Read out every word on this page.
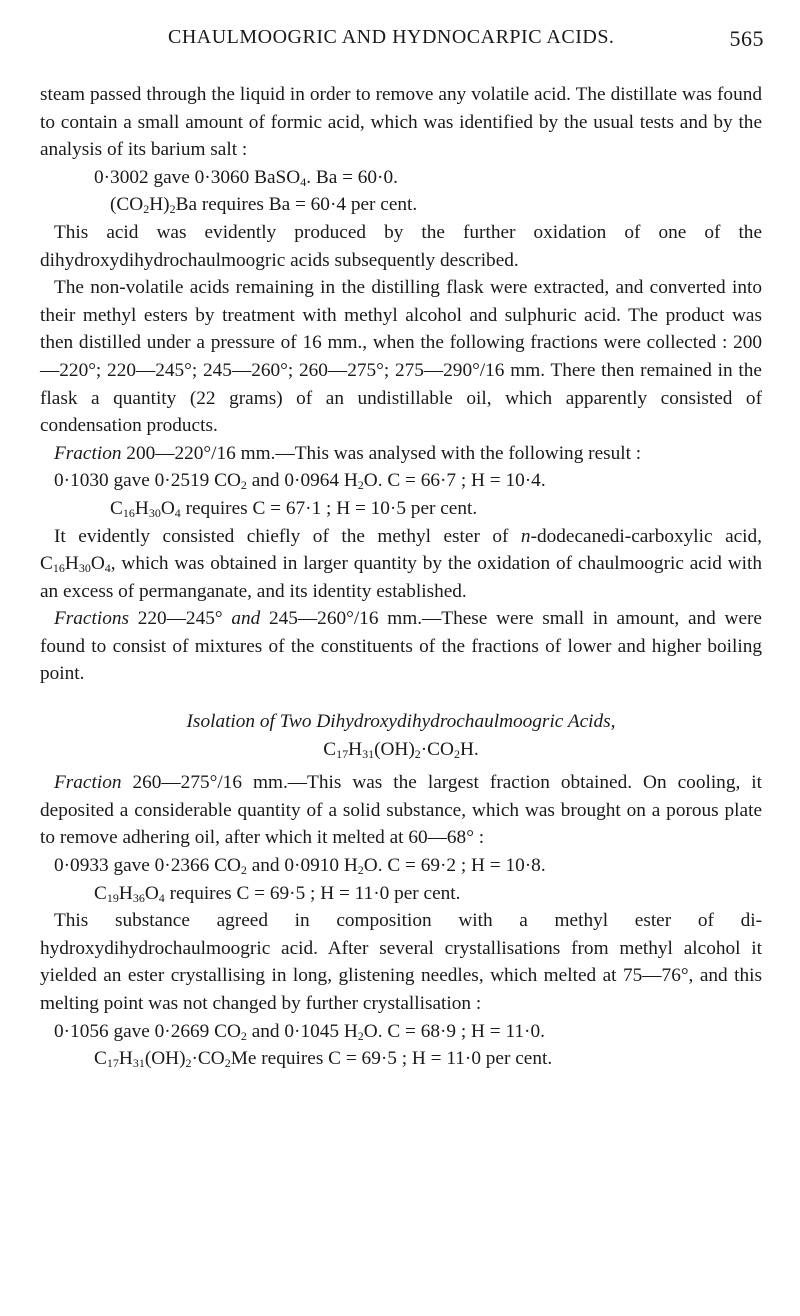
CHAULMOOGRIC AND HYDNOCARPIC ACIDS.	565

steam passed through the liquid in order to remove any volatile acid. The distillate was found to contain a small amount of formic acid, which was identified by the usual tests and by the analysis of its barium salt :

0·3002 gave 0·3060 BaSO$_4$. Ba = 60·0.

$(CO_2H)_2Ba$ requires Ba = 60·4 per cent.

This acid was evidently produced by the further oxidation of one of the dihydroxydihydrochaulmoogric acids subsequently described.

The non-volatile acids remaining in the distilling flask were extracted, and converted into their methyl esters by treatment with methyl alcohol and sulphuric acid. The product was then distilled under a pressure of 16 mm., when the following fractions were collected : 200—220°; 220—245°; 245—260°; 260—275°; 275—290°/16 mm. There then remained in the flask a quantity (22 grams) of an undistillable oil, which apparently consisted of condensation products.

Fraction 200—220°/16 mm.—This was analysed with the following result :

0·1030 gave 0·2519 $CO_2$ and 0·0964 $H_2O$. C = 66·7 ; H = 10·4.

$C_{16}H_{30}O_4$ requires C = 67·1 ; H = 10·5 per cent.

It evidently consisted chiefly of the methyl ester of n-dodecanedi-carboxylic acid, $C_{16}H_{30}O_4$, which was obtained in larger quantity by the oxidation of chaulmoogric acid with an excess of permanganate, and its identity established.

Fractions 220—245° and 245—260°/16 mm.—These were small in amount, and were found to consist of mixtures of the constituents of the fractions of lower and higher boiling point.

Isolation of Two Dihydroxydihydrochaulmoogric Acids,

$C_{17}H_{31}(OH)_2\cdot CO_2H$.

Fraction 260—275°/16 mm.—This was the largest fraction obtained. On cooling, it deposited a considerable quantity of a solid substance, which was brought on a porous plate to remove adhering oil, after which it melted at 60—68° :

0·0933 gave 0·2366 $CO_2$ and 0·0910 $H_2O$. C = 69·2 ; H = 10·8.

$C_{19}H_{36}O_4$ requires C = 69·5 ; H = 11·0 per cent.

This substance agreed in composition with a methyl ester of di-hydroxydihydrochaulmoogric acid. After several crystallisations from methyl alcohol it yielded an ester crystallising in long, glistening needles, which melted at 75—76°, and this melting point was not changed by further crystallisation :

0·1056 gave 0·2669 $CO_2$ and 0·1045 $H_2O$. C = 68·9 ; H = 11·0.

$C_{17}H_{31}(OH)_2\cdot CO_2Me$ requires C = 69·5 ; H = 11·0 per cent.
